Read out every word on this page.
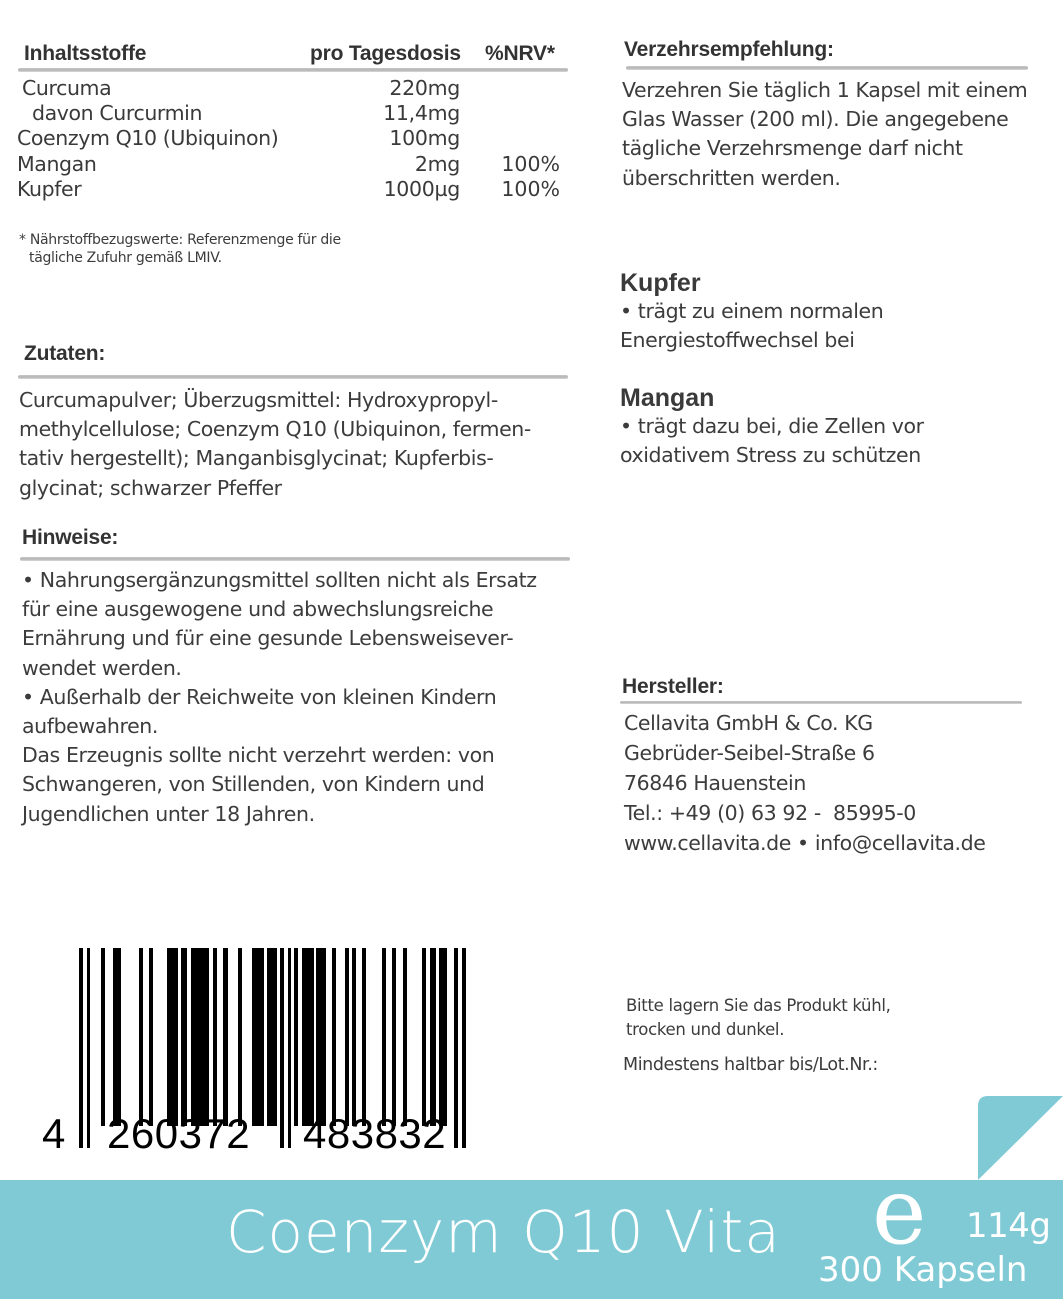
Inhaltsstoffe	pro Tagesdosis %NRV*
Curcuma	220mg
davon Curcurmin	11,4mg
Coenzym Q10 (Ubiquinon)	100mg
Mangan	2mg 100%
Kupfer	1000µg 100%
* Nährstoffbezugswerte: Referenzmenge für die
tägliche Zufuhr gemäß LMIV.
Zutaten:
Curcumapulver; Überzugsmittel: Hydroxypropyl-
methylcellulose; Coenzym Q10 (Ubiquinon, fermen-
tativ hergestellt); Manganbisglycinat; Kupferbis-
glycinat; schwarzer Pfeffer
Hinweise:
• Nahrungsergänzungsmittel sollten nicht als Ersatz
für eine ausgewogene und abwechslungsreiche
Ernährung und für eine gesunde Lebensweisever-
wendet werden.
• Außerhalb der Reichweite von kleinen Kindern
aufbewahren.
Das Erzeugnis sollte nicht verzehrt werden: von
Schwangeren, von Stillenden, von Kindern und
Jugendlichen unter 18 Jahren.
Verzehrsempfehlung:
Verzehren Sie täglich 1 Kapsel mit einem
Glas Wasser (200 ml). Die angegebene
tägliche Verzehrsmenge darf nicht
überschritten werden.
Kupfer
• trägt zu einem normalen
Energiestoffwechsel bei
Mangan
• trägt dazu bei, die Zellen vor
oxidativem Stress zu schützen
Hersteller:
Cellavita GmbH & Co. KG
Gebrüder-Seibel-Straße 6
76846 Hauenstein
Tel.: +49 (0) 63 92 -  85995-0
www.cellavita.de • info@cellavita.de
Bitte lagern Sie das Produkt kühl,
trocken und dunkel.
Mindestens haltbar bis/Lot.Nr.:
4 260372 483832
Coenzym Q10 Vita e 114g
300 Kapseln
